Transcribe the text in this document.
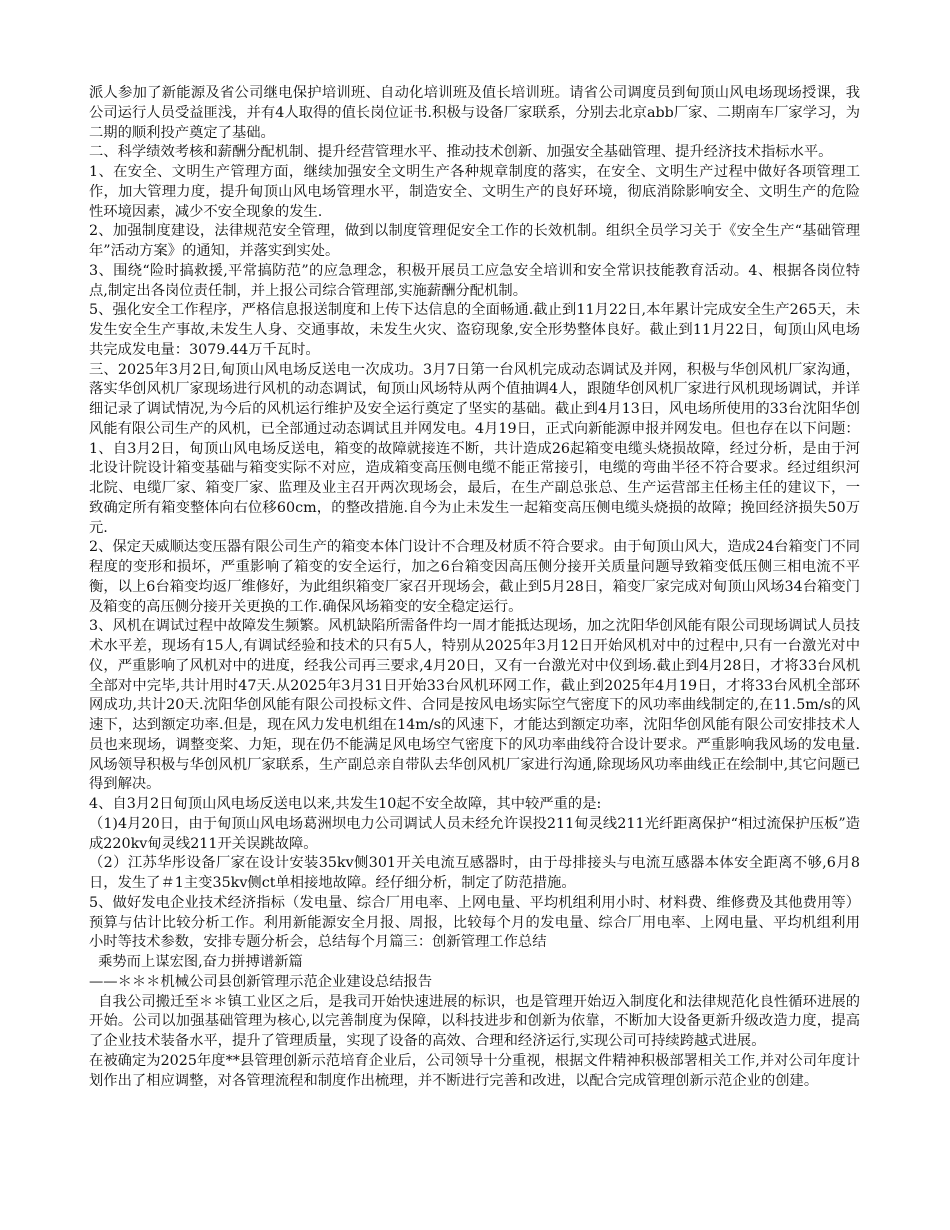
派人参加了新能源及省公司继电保护培训班、自动化培训班及值长培训班。请省公司调度员到甸顶山风电场现场授课，我公司运行人员受益匪浅，并有4人取得的值长岗位证书.积极与设备厂家联系，分别去北京abb厂家、二期南车厂家学习，为二期的顺利投产奠定了基础。

二、科学绩效考核和薪酬分配机制、提升经营管理水平、推动技术创新、加强安全基础管理、提升经济技术指标水平。

1、在安全、文明生产管理方面，继续加强安全文明生产各种规章制度的落实，在安全、文明生产过程中做好各项管理工作，加大管理力度，提升甸顶山风电场管理水平，制造安全、文明生产的良好环境，彻底消除影响安全、文明生产的危险性环境因素，减少不安全现象的发生.

2、加强制度建设，法律规范安全管理，做到以制度管理促安全工作的长效机制。组织全员学习关于《安全生产“基础管理年”活动方案》的通知，并落实到实处。

3、围绕“险时搞救援,平常搞防范”的应急理念，积极开展员工应急安全培训和安全常识技能教育活动。4、根据各岗位特点,制定出各岗位责任制，并上报公司综合管理部,实施薪酬分配机制。

5、强化安全工作程序，严格信息报送制度和上传下达信息的全面畅通.截止到11月22日,本年累计完成安全生产265天，未发生安全生产事故,未发生人身、交通事故，未发生火灾、盗窃现象,安全形势整体良好。截止到11月22日，甸顶山风电场共完成发电量：3079.44万千瓦时。

三、2025年3月2日,甸顶山风电场反送电一次成功。3月7日第一台风机完成动态调试及并网，积极与华创风机厂家沟通，落实华创风机厂家现场进行风机的动态调试，甸顶山风场特从两个值抽调4人，跟随华创风机厂家进行风机现场调试，并详细记录了调试情况,为今后的风机运行维护及安全运行奠定了坚实的基础。截止到4月13日，风电场所使用的33台沈阳华创风能有限公司生产的风机，已全部通过动态调试且并网发电。4月19日，正式向新能源申报并网发电。但也存在以下问题：

1、自3月2日，甸顶山风电场反送电，箱变的故障就接连不断，共计造成26起箱变电缆头烧损故障，经过分析，是由于河北设计院设计箱变基础与箱变实际不对应，造成箱变高压侧电缆不能正常接引，电缆的弯曲半径不符合要求。经过组织河北院、电缆厂家、箱变厂家、监理及业主召开两次现场会，最后，在生产副总张总、生产运营部主任杨主任的建议下，一致确定所有箱变整体向右位移60cm，的整改措施.自今为止未发生一起箱变高压侧电缆头烧损的故障；挽回经济损失50万元.

2、保定天威顺达变压器有限公司生产的箱变本体门设计不合理及材质不符合要求。由于甸顶山风大，造成24台箱变门不同程度的变形和损坏，严重影响了箱变的安全运行，加之6台箱变因高压侧分接开关质量问题导致箱变低压侧三相电流不平衡，以上6台箱变均返厂维修好，为此组织箱变厂家召开现场会，截止到5月28日，箱变厂家完成对甸顶山风场34台箱变门及箱变的高压侧分接开关更换的工作.确保风场箱变的安全稳定运行。

3、风机在调试过程中故障发生频繁。风机缺陷所需备件均一周才能抵达现场，加之沈阳华创风能有限公司现场调试人员技术水平差，现场有15人,有调试经验和技术的只有5人，特别从2025年3月12日开始风机对中的过程中,只有一台激光对中仪，严重影响了风机对中的进度，经我公司再三要求,4月20日，又有一台激光对中仪到场.截止到4月28日，才将33台风机全部对中完毕,共计用时47天.从2025年3月31日开始33台风机环网工作，截止到2025年4月19日，才将33台风机全部环网成功,共计20天.沈阳华创风能有限公司投标文件、合同是按风电场实际空气密度下的风功率曲线制定的,在11.5m/s的风速下，达到额定功率.但是，现在风力发电机组在14m/s的风速下，才能达到额定功率，沈阳华创风能有限公司安排技术人员也来现场，调整变桨、力矩，现在仍不能满足风电场空气密度下的风功率曲线符合设计要求。严重影响我风场的发电量.风场领导积极与华创风机厂家联系，生产副总亲自带队去华创风机厂家进行沟通,除现场风功率曲线正在绘制中,其它问题已得到解决。

4、自3月2日甸顶山风电场反送电以来,共发生10起不安全故障，其中较严重的是:

（1)4月20日，由于甸顶山风电场葛洲坝电力公司调试人员未经允许误投211甸灵线211光纤距离保护“相过流保护压板”造成220kv甸灵线211开关误跳故障。

（2）江苏华彤设备厂家在设计安装35kv侧301开关电流互感器时，由于母排接头与电流互感器本体安全距离不够,6月8日，发生了＃1主变35kv侧ct单相接地故障。经仔细分析，制定了防范措施。

5、做好发电企业技术经济指标（发电量、综合厂用电率、上网电量、平均机组利用小时、材料费、维修费及其他费用等）预算与估计比较分析工作。利用新能源安全月报、周报，比较每个月的发电量、综合厂用电率、上网电量、平均机组利用小时等技术参数，安排专题分析会，总结每个月篇三：创新管理工作总结

乘势而上谋宏图,奋力拼搏谱新篇

——＊＊＊机械公司县创新管理示范企业建设总结报告

自我公司搬迁至＊＊镇工业区之后，是我司开始快速进展的标识，也是管理开始迈入制度化和法律规范化良性循环进展的开始。公司以加强基础管理为核心,以完善制度为保障，以科技进步和创新为依靠，不断加大设备更新升级改造力度，提高了企业技术装备水平，提升了管理质量，实现了设备的高效、合理和经济运行,实现公司可持续跨越式进展。

在被确定为2025年度**县管理创新示范培育企业后，公司领导十分重视，根据文件精神积极部署相关工作,并对公司年度计划作出了相应调整，对各管理流程和制度作出梳理，并不断进行完善和改进，以配合完成管理创新示范企业的创建。
